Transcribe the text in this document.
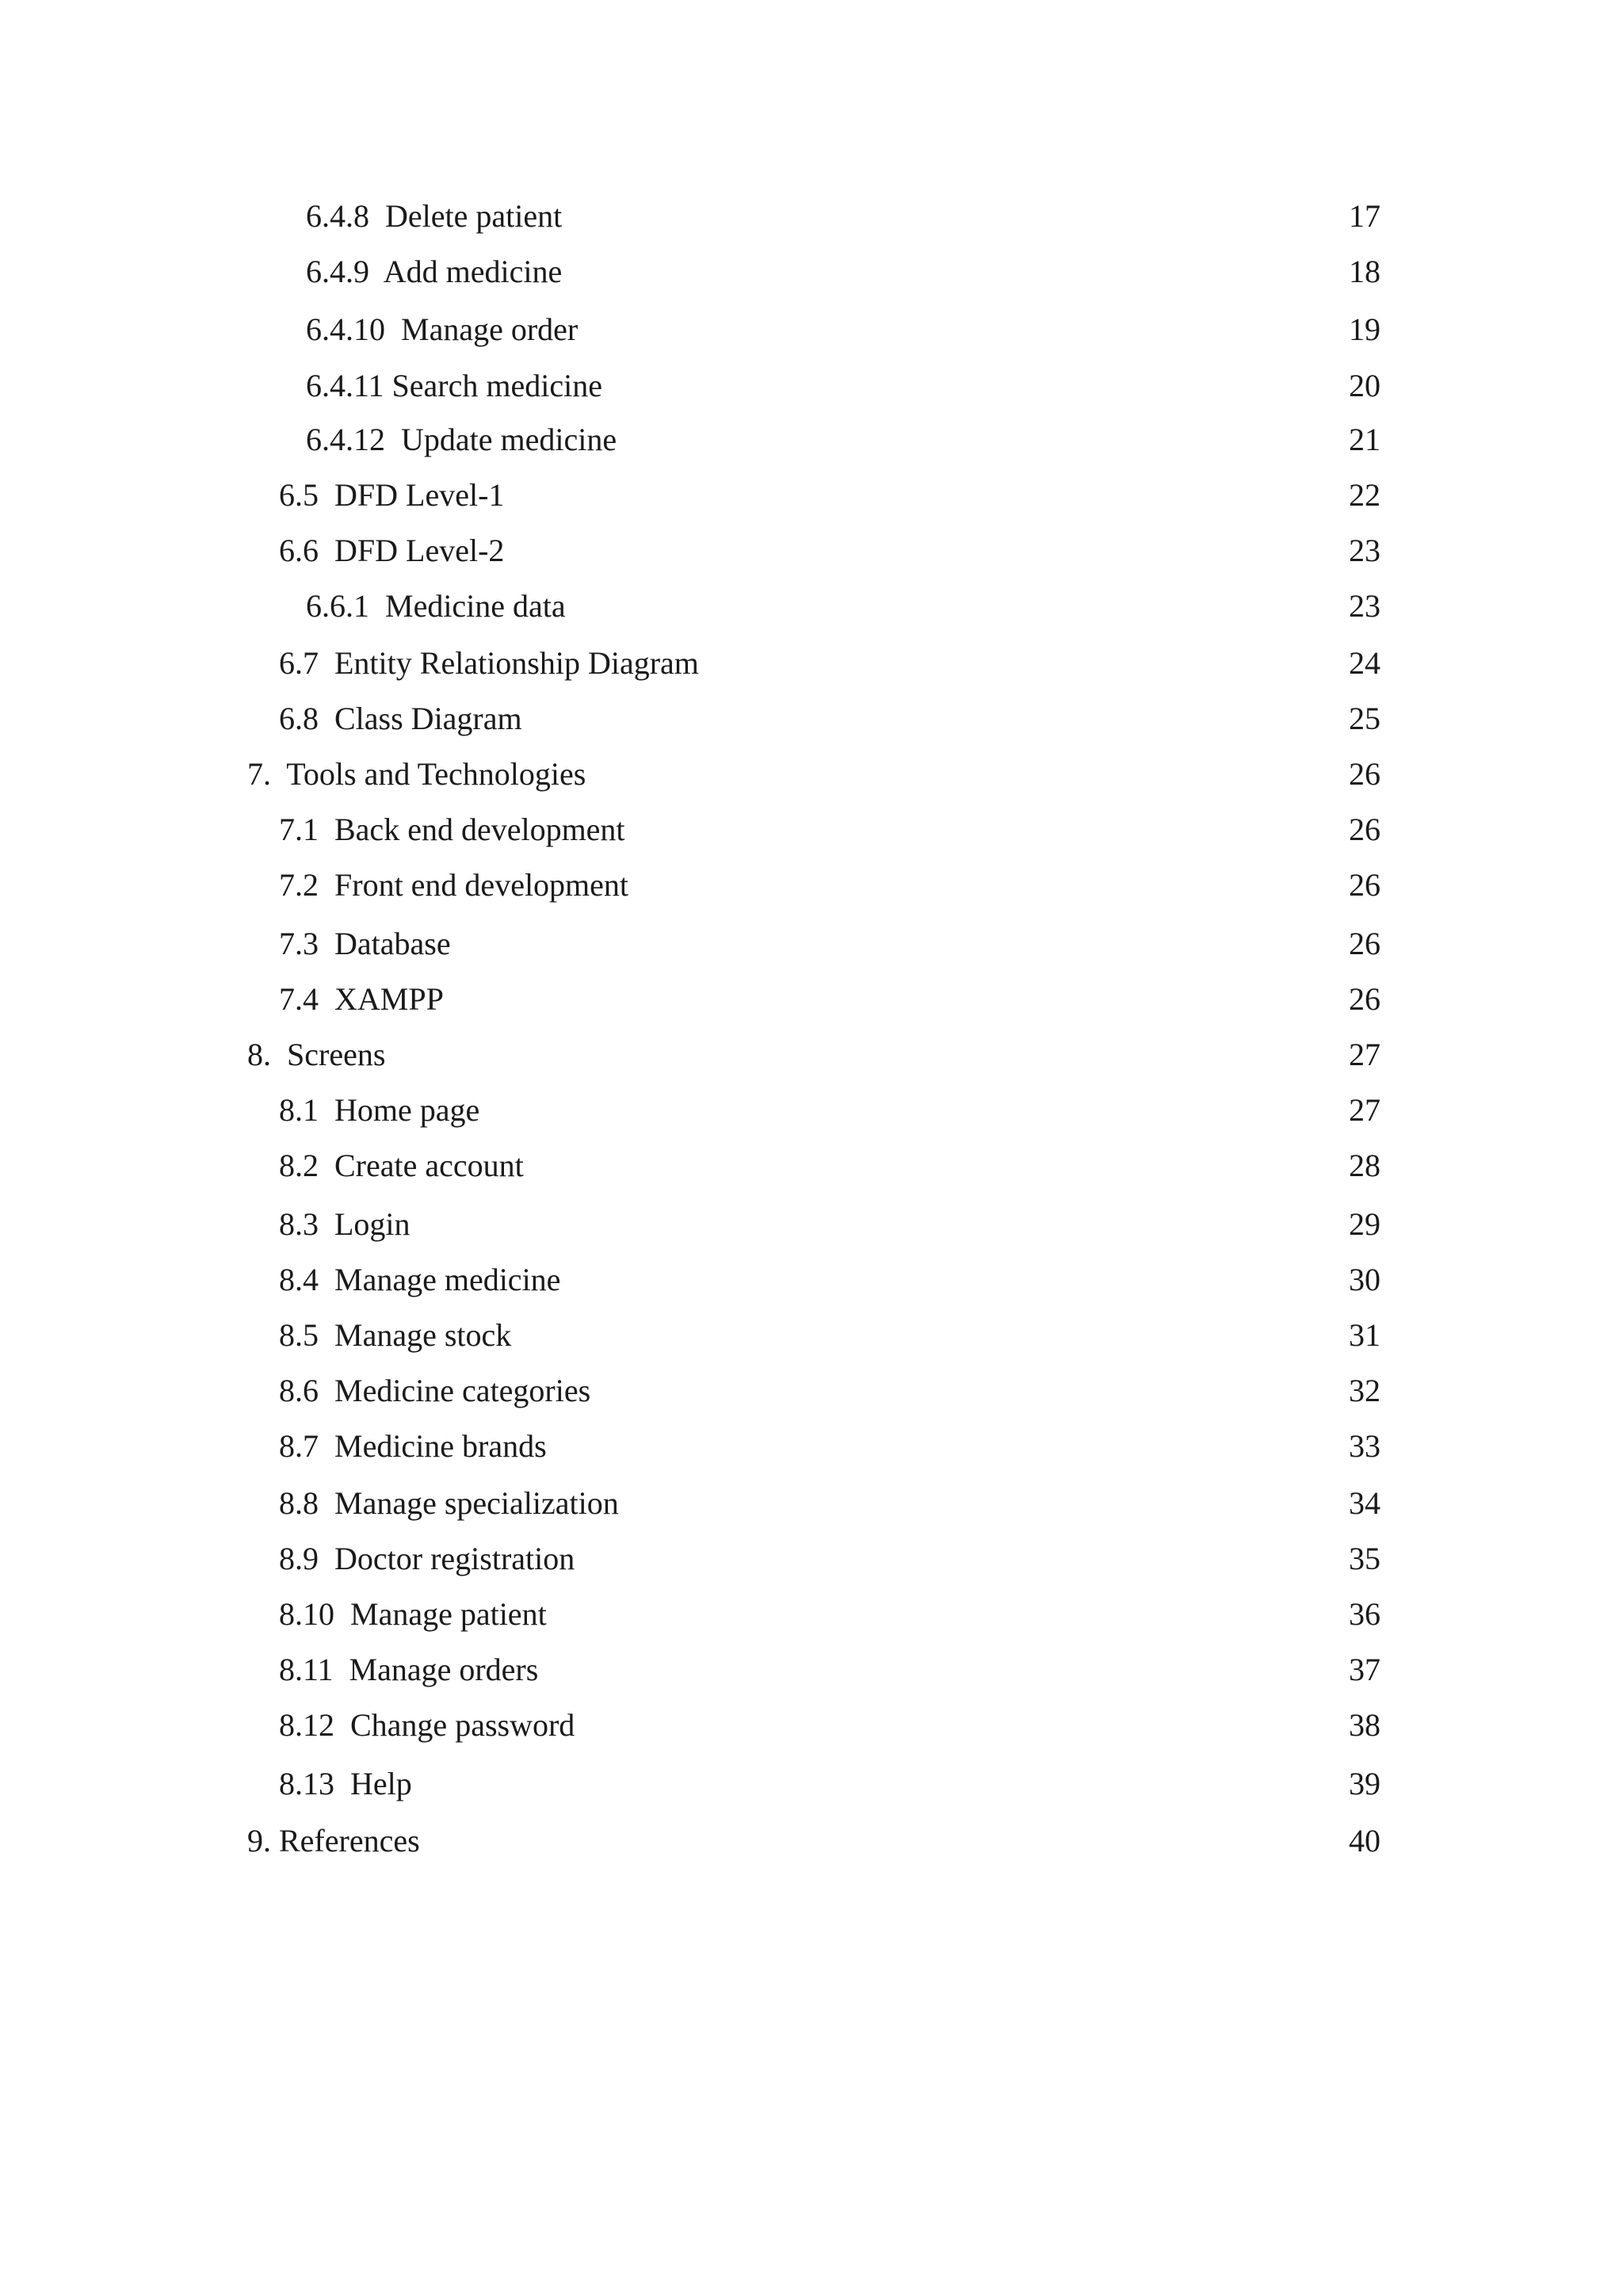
6.4.8  Delete patient	17
6.4.9  Add medicine	18
6.4.10  Manage order	19
6.4.11 Search medicine	20
6.4.12  Update medicine	21
6.5  DFD Level-1	22
6.6  DFD Level-2	23
6.6.1  Medicine data	23
6.7  Entity Relationship Diagram	24
6.8  Class Diagram	25
7.  Tools and Technologies	26
7.1  Back end development	26
7.2  Front end development	26
7.3  Database	26
7.4  XAMPP	26
8.  Screens	27
8.1  Home page	27
8.2  Create account	28
8.3  Login	29
8.4  Manage medicine	30
8.5  Manage stock	31
8.6  Medicine categories	32
8.7  Medicine brands	33
8.8  Manage specialization	34
8.9  Doctor registration	35
8.10  Manage patient	36
8.11  Manage orders	37
8.12  Change password	38
8.13  Help	39
9. References	40
